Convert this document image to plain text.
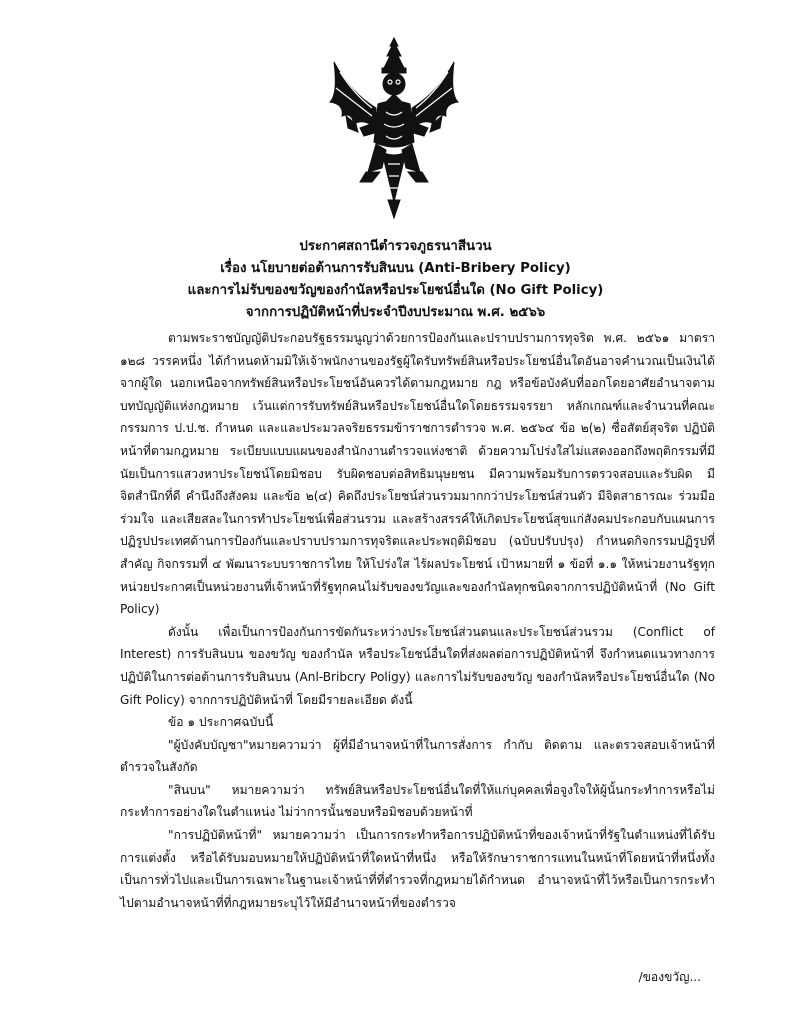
ประกาศสถานีตำรวจภูธรนาสีนวน
เรื่อง นโยบายต่อต้านการรับสินบน (Anti-Bribery Policy)
และการไม่รับของขวัญของกำนัลหรือประโยชน์อื่นใด (No Gift Policy)
จากการปฏิบัติหน้าที่ประจำปีงบประมาณ พ.ศ. ๒๕๖๖

ตามพระราชบัญญัติประกอบรัฐธรรมนูญว่าด้วยการป้องกันและปราบปรามการทุจริต พ.ศ. ๒๕๖๑ มาตรา ๑๒๘ วรรคหนึ่ง ได้กำหนดห้ามมิให้เจ้าพนักงานของรัฐผู้ใดรับทรัพย์สินหรือประโยชน์อื่นใดอันอาจคำนวณเป็นเงินได้จากผู้ใด นอกเหนือจากทรัพย์สินหรือประโยชน์อันควรได้ตามกฎหมาย กฎ หรือข้อบังคับที่ออกโดยอาศัยอำนาจตามบทบัญญัติแห่งกฎหมาย เว้นแต่การรับทรัพย์สินหรือประโยชน์อื่นใดโดยธรรมจรรยา หลักเกณฑ์และจำนวนที่คณะกรรมการ ป.ป.ช. กำหนด และและประมวลจริยธรรมข้าราชการตำรวจ พ.ศ. ๒๕๖๔ ข้อ ๒(๒) ซื่อสัตย์สุจริต ปฏิบัติหน้าที่ตามกฎหมาย ระเบียบแบบแผนของสำนักงานตำรวจแห่งชาติ ด้วยความโปร่งใสไม่แสดงออกถึงพฤติกรรมที่มีนัยเป็นการแสวงหาประโยชน์โดยมิชอบ รับผิดชอบต่อสิทธิมนุษยชน มีความพร้อมรับการตรวจสอบและรับผิด มีจิตสำนึกที่ดี คำนึงถึงสังคม และข้อ ๒(๔) คิดถึงประโยชน์ส่วนรวมมากกว่าประโยชน์ส่วนตัว มีจิตสาธารณะ ร่วมมือ ร่วมใจ และเสียสละในการทำประโยชน์เพื่อส่วนรวม และสร้างสรรค์ให้เกิดประโยชน์สุขแก่สังคมประกอบกับแผนการปฏิรูปประเทศด้านการป้องกันและปราบปรามการทุจริตและประพฤติมิชอบ (ฉบับปรับปรุง) กำหนดกิจกรรมปฏิรูปที่สำคัญ กิจกรรมที่ ๔ พัฒนาระบบราชการไทย ให้โปร่งใส ไร้ผลประโยชน์ เป้าหมายที่ ๑ ข้อที่ ๑.๑ ให้หน่วยงานรัฐทุกหน่วยประกาศเป็นหน่วยงานที่เจ้าหน้าที่รัฐทุกคนไม่รับของขวัญและของกำนัลทุกชนิดจากการปฏิบัติหน้าที่ (No Gift Policy)

ดังนั้น เพื่อเป็นการป้องกันการขัดกันระหว่างประโยชน์ส่วนตนและประโยชน์ส่วนรวม (Conflict of Interest) การรับสินบน ของขวัญ ของกำนัล หรือประโยชน์อื่นใดที่ส่งผลต่อการปฏิบัติหน้าที่ จึงกำหนดแนวทางการปฏิบัติในการต่อต้านการรับสินบน (Anl-Bribcry Poligy) และการไม่รับของขวัญ ของกำนัลหรือประโยชน์อื่นใด (No Gift Policy) จากการปฏิบัติหน้าที่ โดยมีรายละเอียด ดังนี้

ข้อ ๑ ประกาศฉบับนี้

"ผู้บังคับบัญชา"หมายความว่า ผู้ที่มีอำนาจหน้าที่ในการสั่งการ กำกับ ติดตาม และตรวจสอบเจ้าหน้าที่ตำรวจในสังกัด

"สินบน" หมายความว่า ทรัพย์สินหรือประโยชน์อื่นใดที่ให้แก่บุคคลเพื่อจูงใจให้ผู้นั้นกระทำการหรือไม่กระทำการอย่างใดในตำแหน่ง ไม่ว่าการนั้นชอบหรือมิชอบด้วยหน้าที่

"การปฏิบัติหน้าที่" หมายความว่า เป็นการกระทำหรือการปฏิบัติหน้าที่ของเจ้าหน้าที่รัฐในตำแหน่งที่ได้รับการแต่งตั้ง หรือได้รับมอบหมายให้ปฏิบัติหน้าที่ใดหน้าที่หนึ่ง หรือให้รักษาราชการแทนในหน้าที่โดยหน้าที่หนึ่งทั้งเป็นการทั่วไปและเป็นการเฉพาะในฐานะเจ้าหน้าที่ที่ตำรวจที่กฎหมายได้กำหนด อำนาจหน้าที่ไว้หรือเป็นการกระทำไปตามอำนาจหน้าที่ที่กฎหมายระบุไว้ให้มีอำนาจหน้าที่ของตำรวจ

/ของขวัญ...
